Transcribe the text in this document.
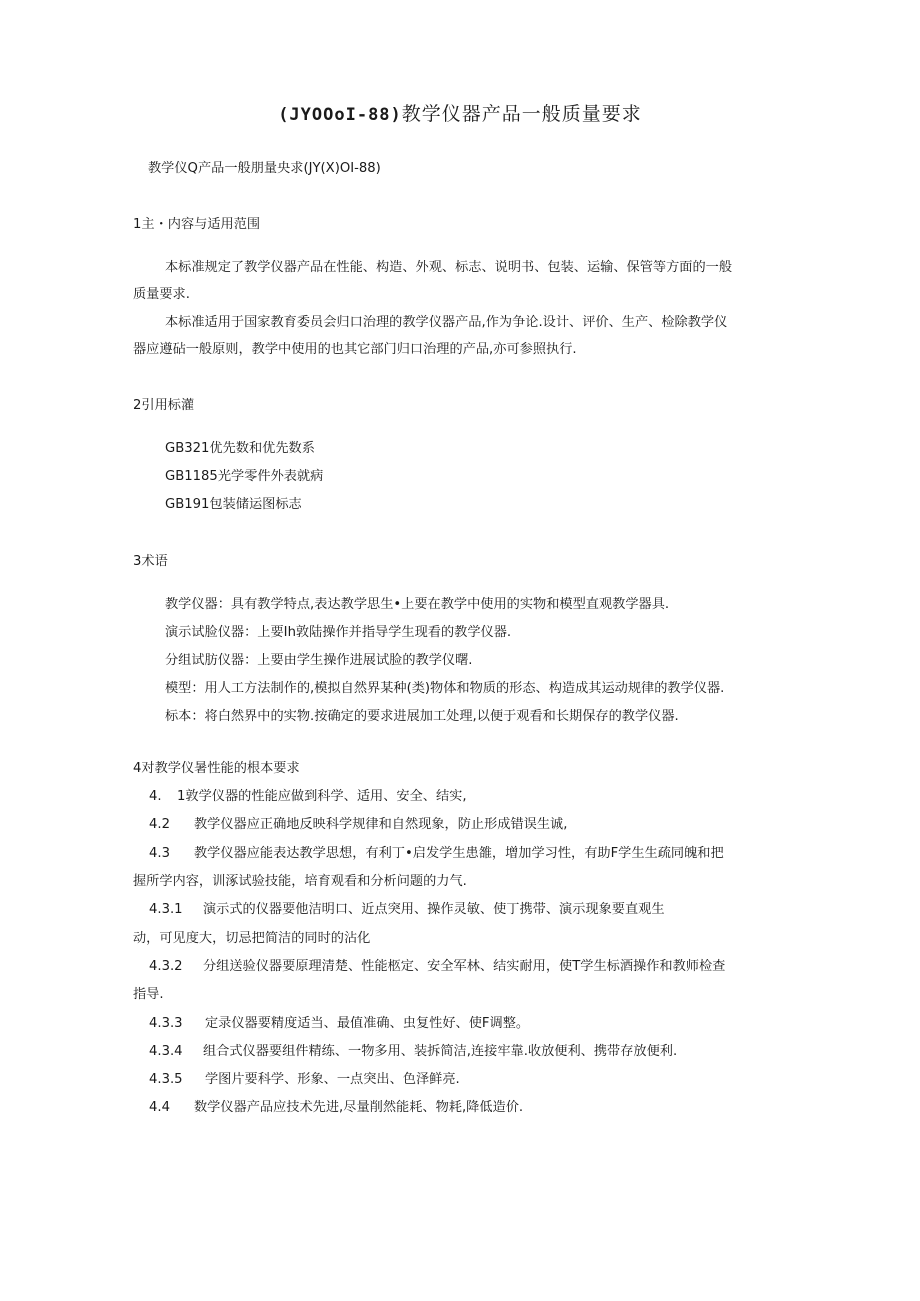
(JYOOoI-88)教学仪器产品一般质量要求
教学仪Q产品一般朋量央求(JY(X)OI-88)
1主・内容与适用范围
本标准规定了教学仪器产品在性能、构造、外观、标志、说明书、包装、运输、保管等方面的一般
质量要求.
本标准适用于国家教育委员会归口治理的教学仪器产品,作为争论.设计、评价、生产、检除教学仪
器应遵砧一般原则，教学中使用的也其它部门归口治理的产品,亦可参照执行.
2引用标灌
GB321优先数和优先数系
GB1185光学零件外表就病
GB191包装储运图标志
3术语
教学仪器：具有教学特点,表达教学思生•上要在教学中使用的实物和模型直观教学器具.
演示试脸仪器：上要Ih敦陆操作并指导学生现看的教学仪器.
分组试肪仪器：上要由学生操作进展试脸的教学仪曙.
模型：用人工方法制作的,模拟自然界某种(类)物体和物质的形态、构造成其运动规律的教学仪器.
标本：将白然界中的实物.按确定的要求进展加工处理,以便于观看和长期保存的教学仪器.
4对教学仪暑性能的根本要求
4. 1敦学仪器的性能应做到科学、适用、安全、结实,
4.2 教学仪器应正确地反映科学规律和自然现象，防止形成错误生诚,
4.3 教学仪器应能表达教学思想，有利丁•启发学生患雒，增加学习性，有助F学生生疏同魄和把
握所学内容，训涿试验技能，培育观看和分析问题的力气.
4.3.1 演示式的仪器要他洁明口、近点突用、操作灵敏、使丁携带、演示现象要直观生
动，可见度大，切忌把简洁的同时的沾化
4.3.2 分组送验仪器要原理清楚、性能柩定、安全军林、结实耐用，使T学生标酒操作和教师检查
指导.
4.3.3 定录仪器要精度适当、最值准确、虫复性好、使F调整。
4.3.4 组合式仪器要组件精练、一物多用、装拆简洁,连接牢靠.收放便利、携带存放便利.
4.3.5 学图片要科学、形象、一点突出、色泽鲜亮.
4.4 数学仪器产品应技术先进,尽量削然能耗、物耗,降低造价.
